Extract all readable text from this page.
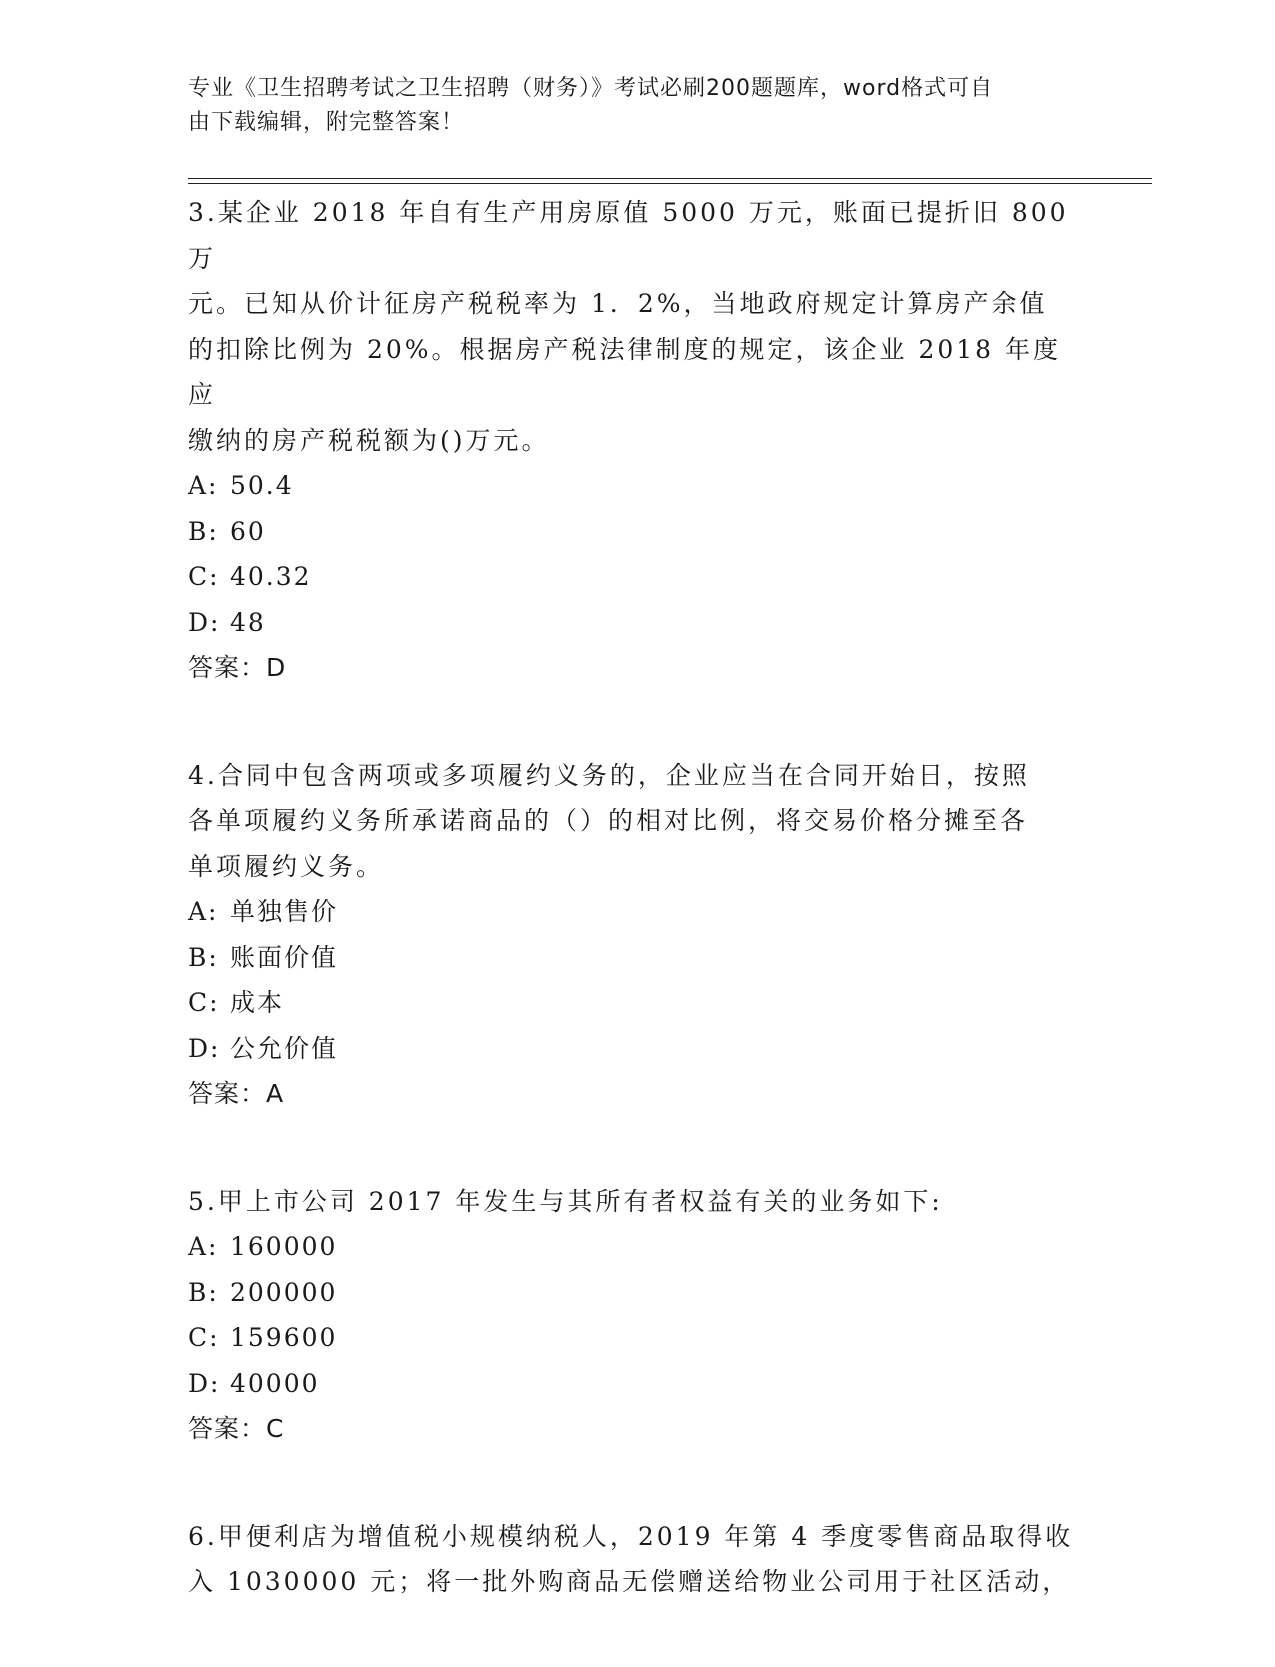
专业《卫生招聘考试之卫生招聘（财务）》考试必刷200题题库，word格式可自
由下载编辑，附完整答案！
3.某企业 2018 年自有生产用房原值 5000 万元，账面已提折旧 800 万
元。已知从价计征房产税税率为 1．2%，当地政府规定计算房产余值
的扣除比例为 20%。根据房产税法律制度的规定，该企业 2018 年度应
缴纳的房产税税额为()万元。
A: 50.4
B: 60
C: 40.32
D: 48
答案：D
4.合同中包含两项或多项履约义务的，企业应当在合同开始日，按照
各单项履约义务所承诺商品的（）的相对比例，将交易价格分摊至各
单项履约义务。
A: 单独售价
B: 账面价值
C: 成本
D: 公允价值
答案：A
5.甲上市公司 2017 年发生与其所有者权益有关的业务如下:
A: 160000
B: 200000
C: 159600
D: 40000
答案：C
6.甲便利店为增值税小规模纳税人，2019 年第 4 季度零售商品取得收
入 1030000 元；将一批外购商品无偿赠送给物业公司用于社区活动，
